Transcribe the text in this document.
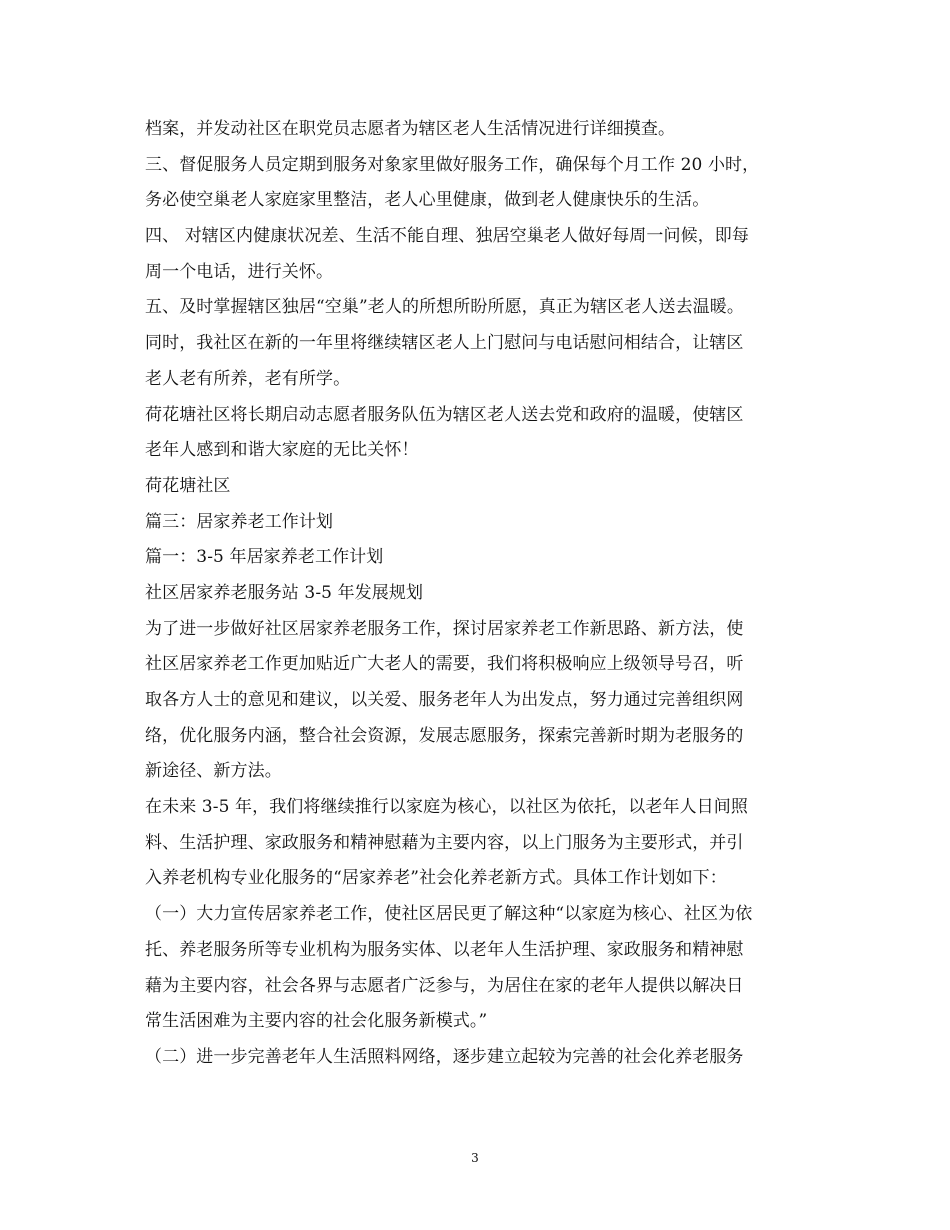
档案，并发动社区在职党员志愿者为辖区老人生活情况进行详细摸查。
三、督促服务人员定期到服务对象家里做好服务工作，确保每个月工作 20 小时，
务必使空巢老人家庭家里整洁，老人心里健康，做到老人健康快乐的生活。
四、 对辖区内健康状况差、生活不能自理、独居空巢老人做好每周一问候，即每
周一个电话，进行关怀。
五、及时掌握辖区独居“空巢”老人的所想所盼所愿，真正为辖区老人送去温暖。
同时，我社区在新的一年里将继续辖区老人上门慰问与电话慰问相结合，让辖区
老人老有所养，老有所学。
荷花塘社区将长期启动志愿者服务队伍为辖区老人送去党和政府的温暖，使辖区
老年人感到和谐大家庭的无比关怀！
荷花塘社区
篇三：居家养老工作计划
篇一：3-5 年居家养老工作计划
社区居家养老服务站 3-5 年发展规划
为了进一步做好社区居家养老服务工作，探讨居家养老工作新思路、新方法，使
社区居家养老工作更加贴近广大老人的需要，我们将积极响应上级领导号召，听
取各方人士的意见和建议，以关爱、服务老年人为出发点，努力通过完善组织网
络，优化服务内涵，整合社会资源，发展志愿服务，探索完善新时期为老服务的
新途径、新方法。
在未来 3-5 年，我们将继续推行以家庭为核心，以社区为依托，以老年人日间照
料、生活护理、家政服务和精神慰藉为主要内容，以上门服务为主要形式，并引
入养老机构专业化服务的“居家养老”社会化养老新方式。具体工作计划如下：
（一）大力宣传居家养老工作，使社区居民更了解这种“以家庭为核心、社区为依
托、养老服务所等专业机构为服务实体、以老年人生活护理、家政服务和精神慰
藉为主要内容，社会各界与志愿者广泛参与，为居住在家的老年人提供以解决日
常生活困难为主要内容的社会化服务新模式。”
（二）进一步完善老年人生活照料网络，逐步建立起较为完善的社会化养老服务
3
